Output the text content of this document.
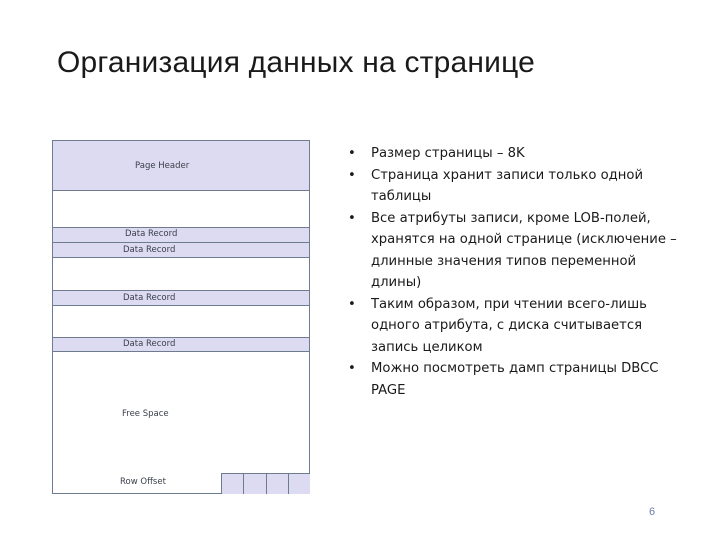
Организация данных на странице
Page Header
Data Record
Data Record
Data Record
Data Record
Free Space
Row Offset
• Размер страницы – 8K
• Страница хранит записи только одной таблицы
• Все атрибуты записи, кроме LOB-полей, хранятся на одной странице (исключение – длинные значения типов переменной длины)
• Таким образом, при чтении всего-лишь одного атрибута, с диска считывается запись целиком
• Можно посмотреть дамп страницы DBCC PAGE
6
